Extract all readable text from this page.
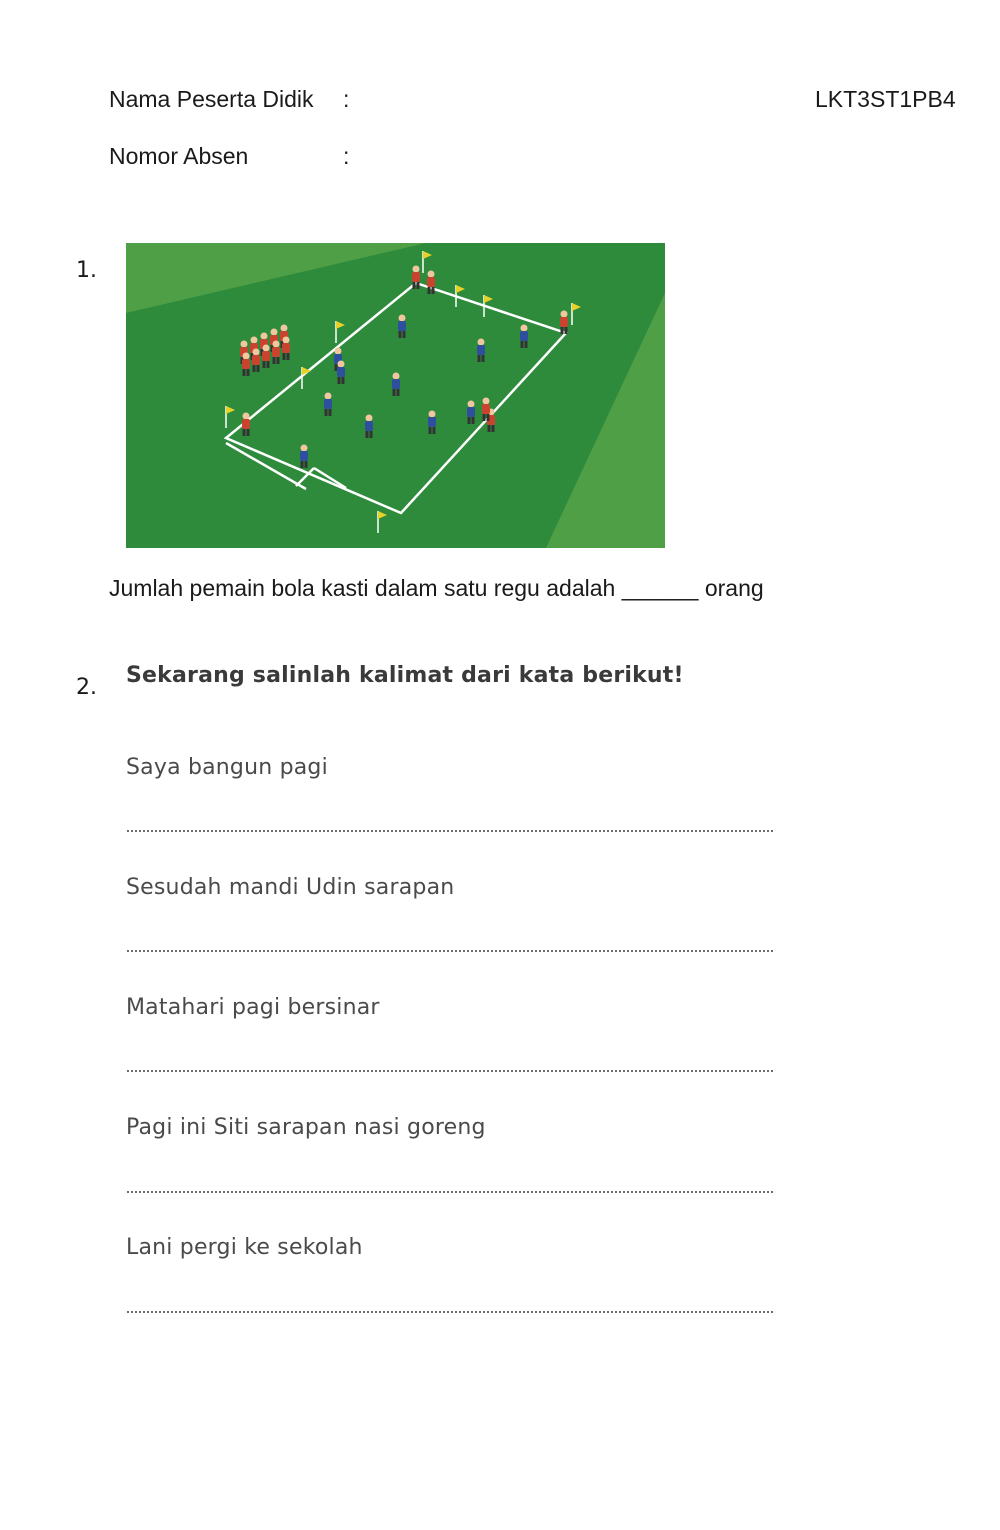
Nama Peserta Didik :	LKT3ST1PB4
Nomor Absen	:
1.
Jumlah pemain bola kasti dalam satu regu adalah ______ orang
2. Sekarang salinlah kalimat dari kata berikut!
Saya bangun pagi
Sesudah mandi Udin sarapan
Matahari pagi bersinar
Pagi ini Siti sarapan nasi goreng
Lani pergi ke sekolah
